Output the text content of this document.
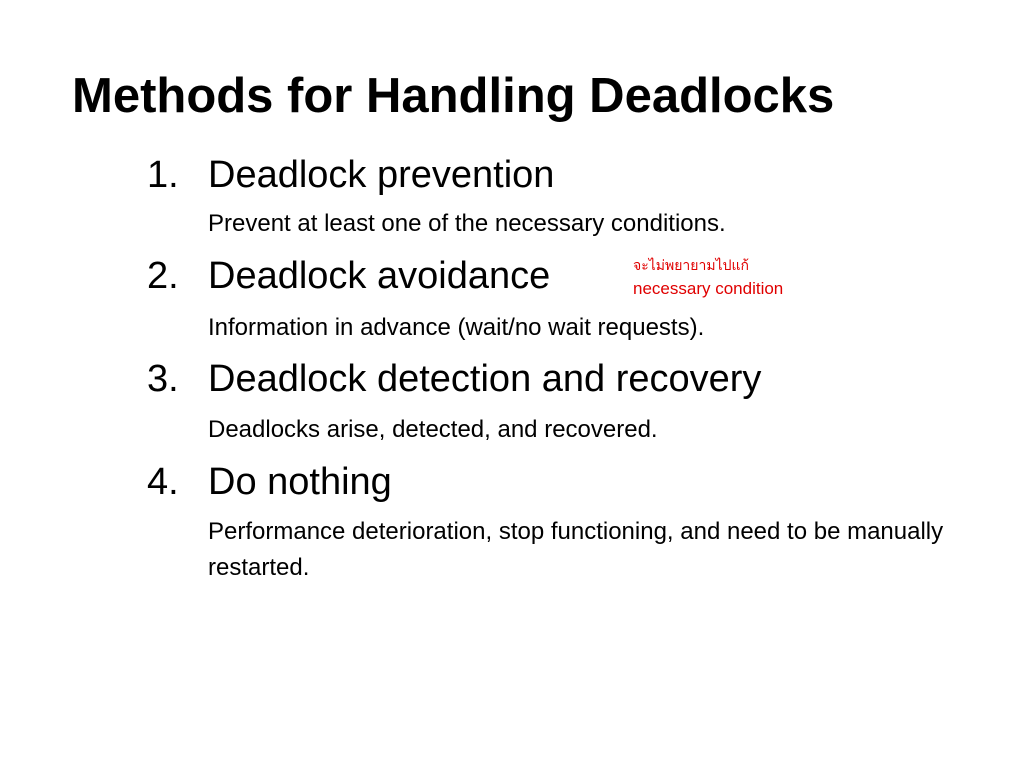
Methods for Handling Deadlocks
1. Deadlock prevention
Prevent at least one of the necessary conditions.
2. Deadlock avoidance	จะไม่พยายามไปแก้
necessary condition
Information in advance (wait/no wait requests).
3. Deadlock detection and recovery
Deadlocks arise, detected, and recovered.
4. Do nothing
Performance deterioration, stop functioning, and need to be manually restarted.
